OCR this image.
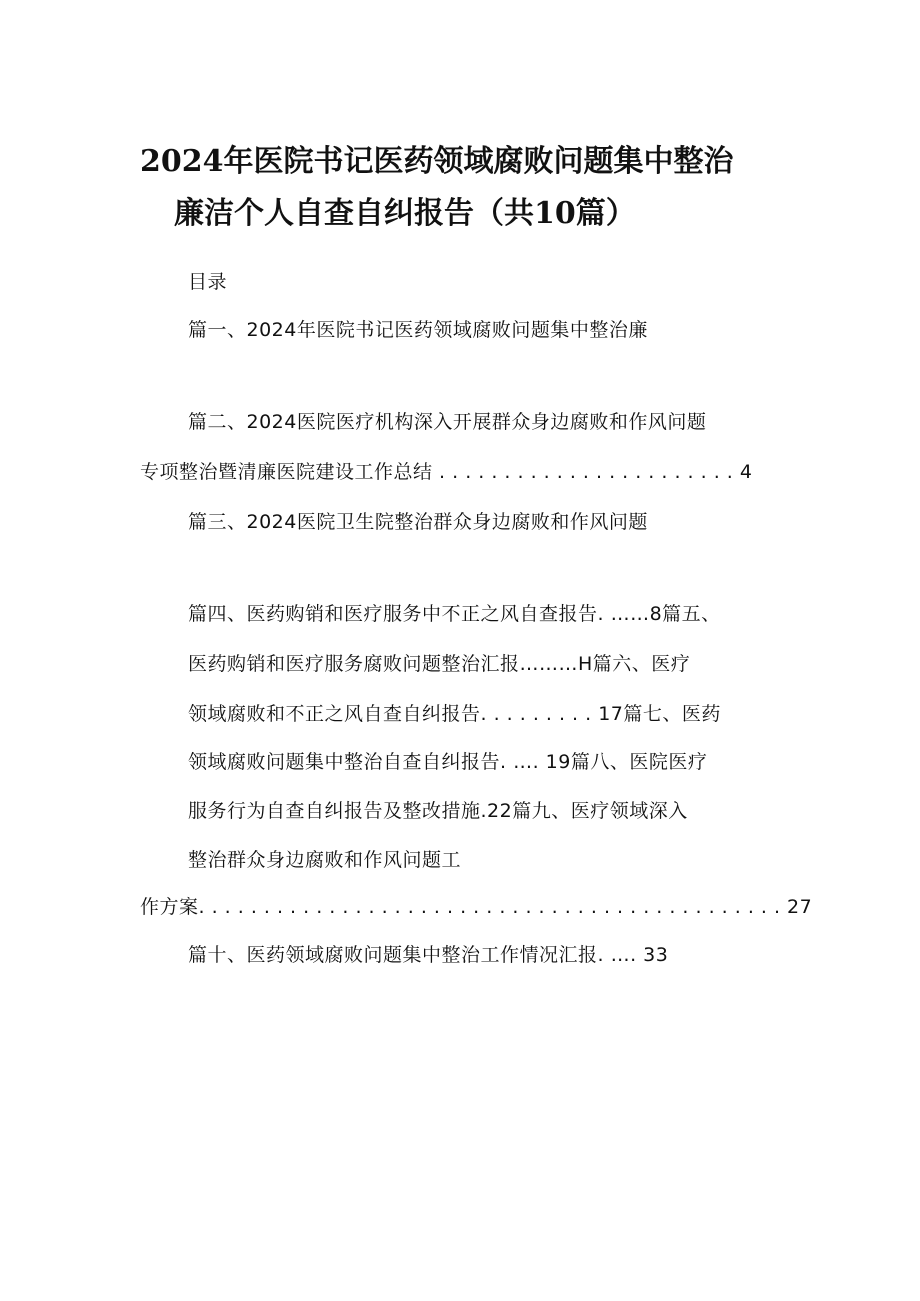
2024年医院书记医药领域腐败问题集中整治
廉洁个人自查自纠报告（共10篇）
目录
篇一、2024年医院书记医药领域腐败问题集中整治廉
篇二、2024医院医疗机构深入开展群众身边腐败和作风问题
专项整治暨清廉医院建设工作总结 . . . . . . . . . . . . . . . . . . . . . . . 4
篇三、2024医院卫生院整治群众身边腐败和作风问题
篇四、医药购销和医疗服务中不正之风自查报告. ……8篇五、
医药购销和医疗服务腐败问题整治汇报………H篇六、医疗
领域腐败和不正之风自查自纠报告. . . . . . . . . 17篇七、医药
领域腐败问题集中整治自查自纠报告. …. 19篇八、医院医疗
服务行为自查自纠报告及整改措施.22篇九、医疗领域深入
整治群众身边腐败和作风问题工
作方案. . . . . . . . . . . . . . . . . . . . . . . . . . . . . . . . . . . . . . . . . . . . . 27
篇十、医药领域腐败问题集中整治工作情况汇报. …. 33
